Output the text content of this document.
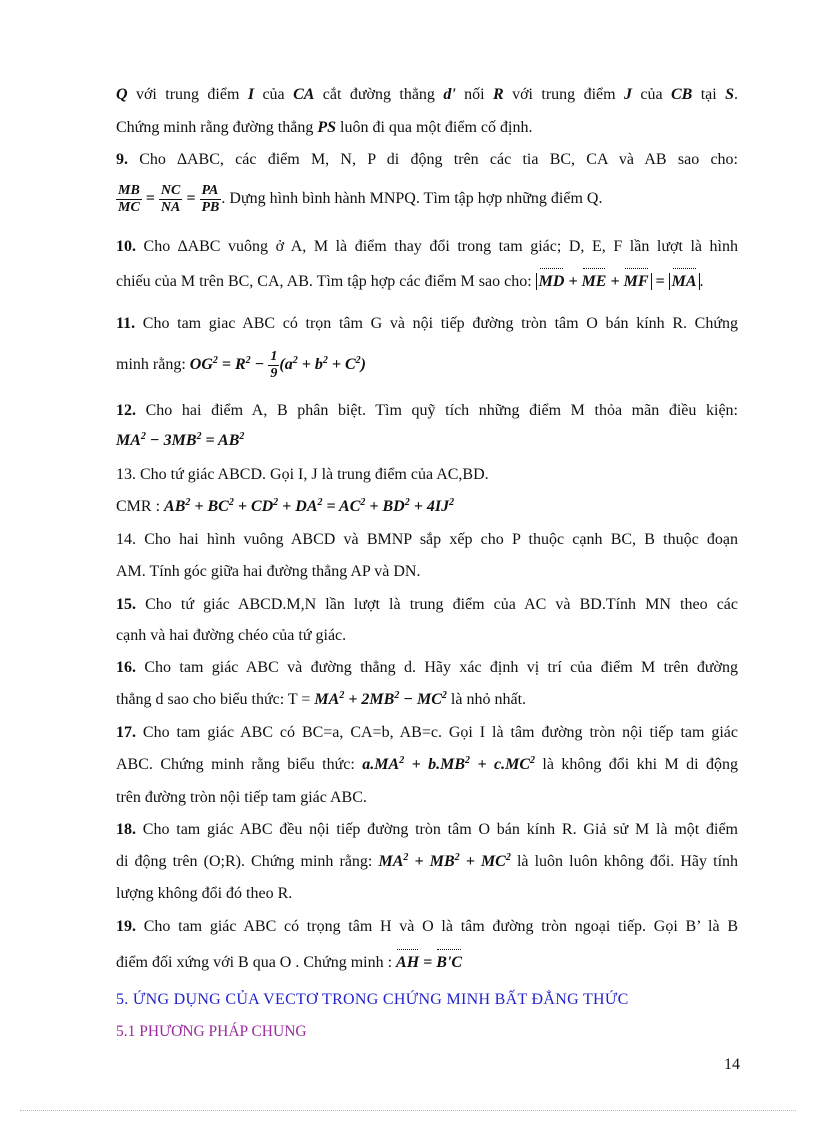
Q với trung điểm I của CA cắt đường thẳng d' nối R với trung điểm J của CB tại S.
Chứng minh rằng đường thẳng PS luôn đi qua một điểm cố định.
9. Cho ∆ABC, các điểm M, N, P di động trên các tia BC, CA và AB sao cho:
$\frac{MB}{MC} = \frac{NC}{NA} = \frac{PA}{PB}$ . Dựng hình bình hành MNPQ. Tìm tập hợp những điểm Q.
10. Cho ∆ABC vuông ở A, M là điểm thay đổi trong tam giác; D, E, F lần lượt là hình
chiếu của M trên BC, CA, AB. Tìm tập hợp các điểm M sao cho: MD + ME + MF = MA .
11. Cho tam giac ABC có trọn tâm G và nội tiếp đường tròn tâm O bán kính R. Chứng
minh rằng: $OG^2 = R^2 - \frac{1}{9} (a^2 + b^2 + C^2)$
12. Cho hai điểm A, B phân biệt. Tìm quỹ tích những điểm M thỏa mãn điều kiện:
$MA^2 - 3MB^2 = AB^2$
13. Cho tứ giác ABCD. Gọi I, J là trung điểm của AC,BD.
CMR : $AB^2 + BC^2 + CD^2 + DA^2 = AC^2 + BD^2 + 4IJ^2$
14. Cho hai hình vuông ABCD và BMNP sắp xếp cho P thuộc cạnh BC, B thuộc đoạn
AM. Tính góc giữa hai đường thẳng AP và DN.
15. Cho tứ giác ABCD.M,N lần lượt là trung điểm của AC và BD.Tính MN theo các
cạnh và hai đường chéo của tứ giác.
16. Cho tam giác ABC và đường thẳng d. Hãy xác định vị trí của điểm M trên đường
thẳng d sao cho biểu thức: $T = MA^2 + 2MB^2 - MC^2$ là nhỏ nhất.
17. Cho tam giác ABC có BC=a, CA=b, AB=c. Gọi I là tâm đường tròn nội tiếp tam giác
ABC. Chứng minh rằng biểu thức: $a.MA^2 + b.MB^2 + c.MC^2$ là không đổi khi M di động
trên đường tròn nội tiếp tam giác ABC.
18. Cho tam giác ABC đều nội tiếp đường tròn tâm O bán kính R. Giả sử M là một điểm
di động trên (O;R). Chứng minh rằng: $MA^2 + MB^2 + MC^2$ là luôn luôn không đổi. Hãy tính
lượng không đổi đó theo R.
19. Cho tam giác ABC có trọng tâm H và O là tâm đường tròn ngoại tiếp. Gọi B’ là B
điểm đối xứng với B qua O . Chứng minh : AH = B'C
5. ỨNG DỤNG CỦA VECTƠ TRONG CHỨNG MINH BẤT ĐẲNG THỨC
5.1 PHƯƠNG PHÁP CHUNG
14
